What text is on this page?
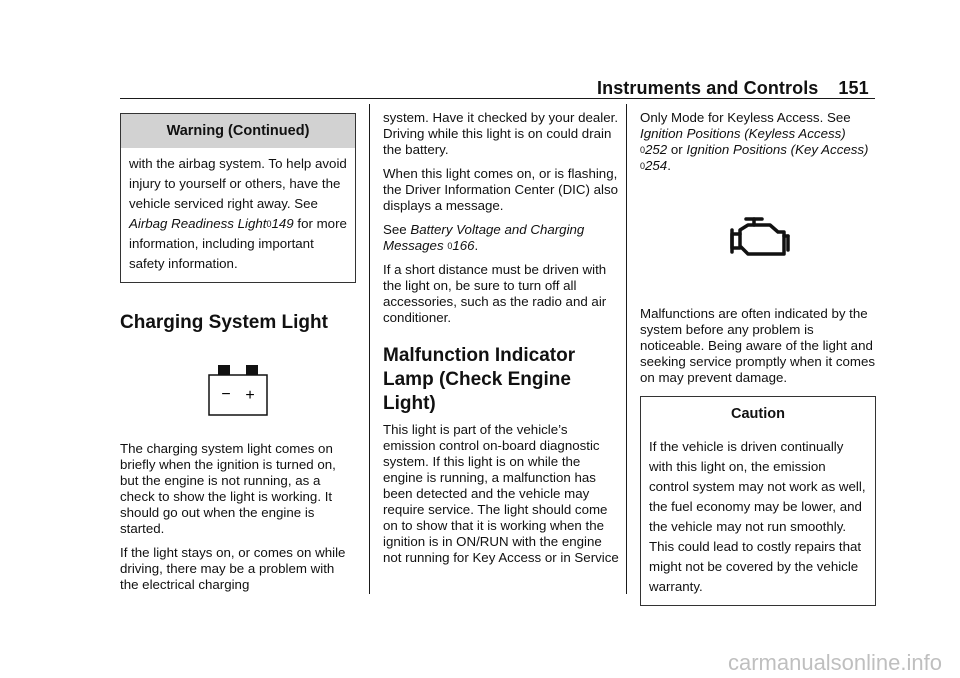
Instruments and Controls 151
Warning (Continued)

with the airbag system. To help avoid injury to yourself or others, have the vehicle serviced right away. See Airbag Readiness Light0149 for more information, including important safety information.

Charging System Light
− +

The charging system light comes on briefly when the ignition is turned on, but the engine is not running, as a check to show the light is working. It should go out when the engine is started.

If the light stays on, or comes on while driving, there may be a problem with the electrical charging

system. Have it checked by your dealer. Driving while this light is on could drain the battery.

When this light comes on, or is flashing, the Driver Information Center (DIC) also displays a message.

See Battery Voltage and Charging Messages 0166.

If a short distance must be driven with the light on, be sure to turn off all accessories, such as the radio and air conditioner.

Malfunction Indicator Lamp (Check Engine Light)

This light is part of the vehicle’s emission control on-board diagnostic system. If this light is on while the engine is running, a malfunction has been detected and the vehicle may require service. The light should come on to show that it is working when the ignition is in ON/RUN with the engine not running for Key Access or in Service

Only Mode for Keyless Access. See Ignition Positions (Keyless Access) 0252 or Ignition Positions (Key Access) 0254.

Malfunctions are often indicated by the system before any problem is noticeable. Being aware of the light and seeking service promptly when it comes on may prevent damage.

Caution

If the vehicle is driven continually with this light on, the emission control system may not work as well, the fuel economy may be lower, and the vehicle may not run smoothly. This could lead to costly repairs that might not be covered by the vehicle warranty.

carmanualsonline.info
